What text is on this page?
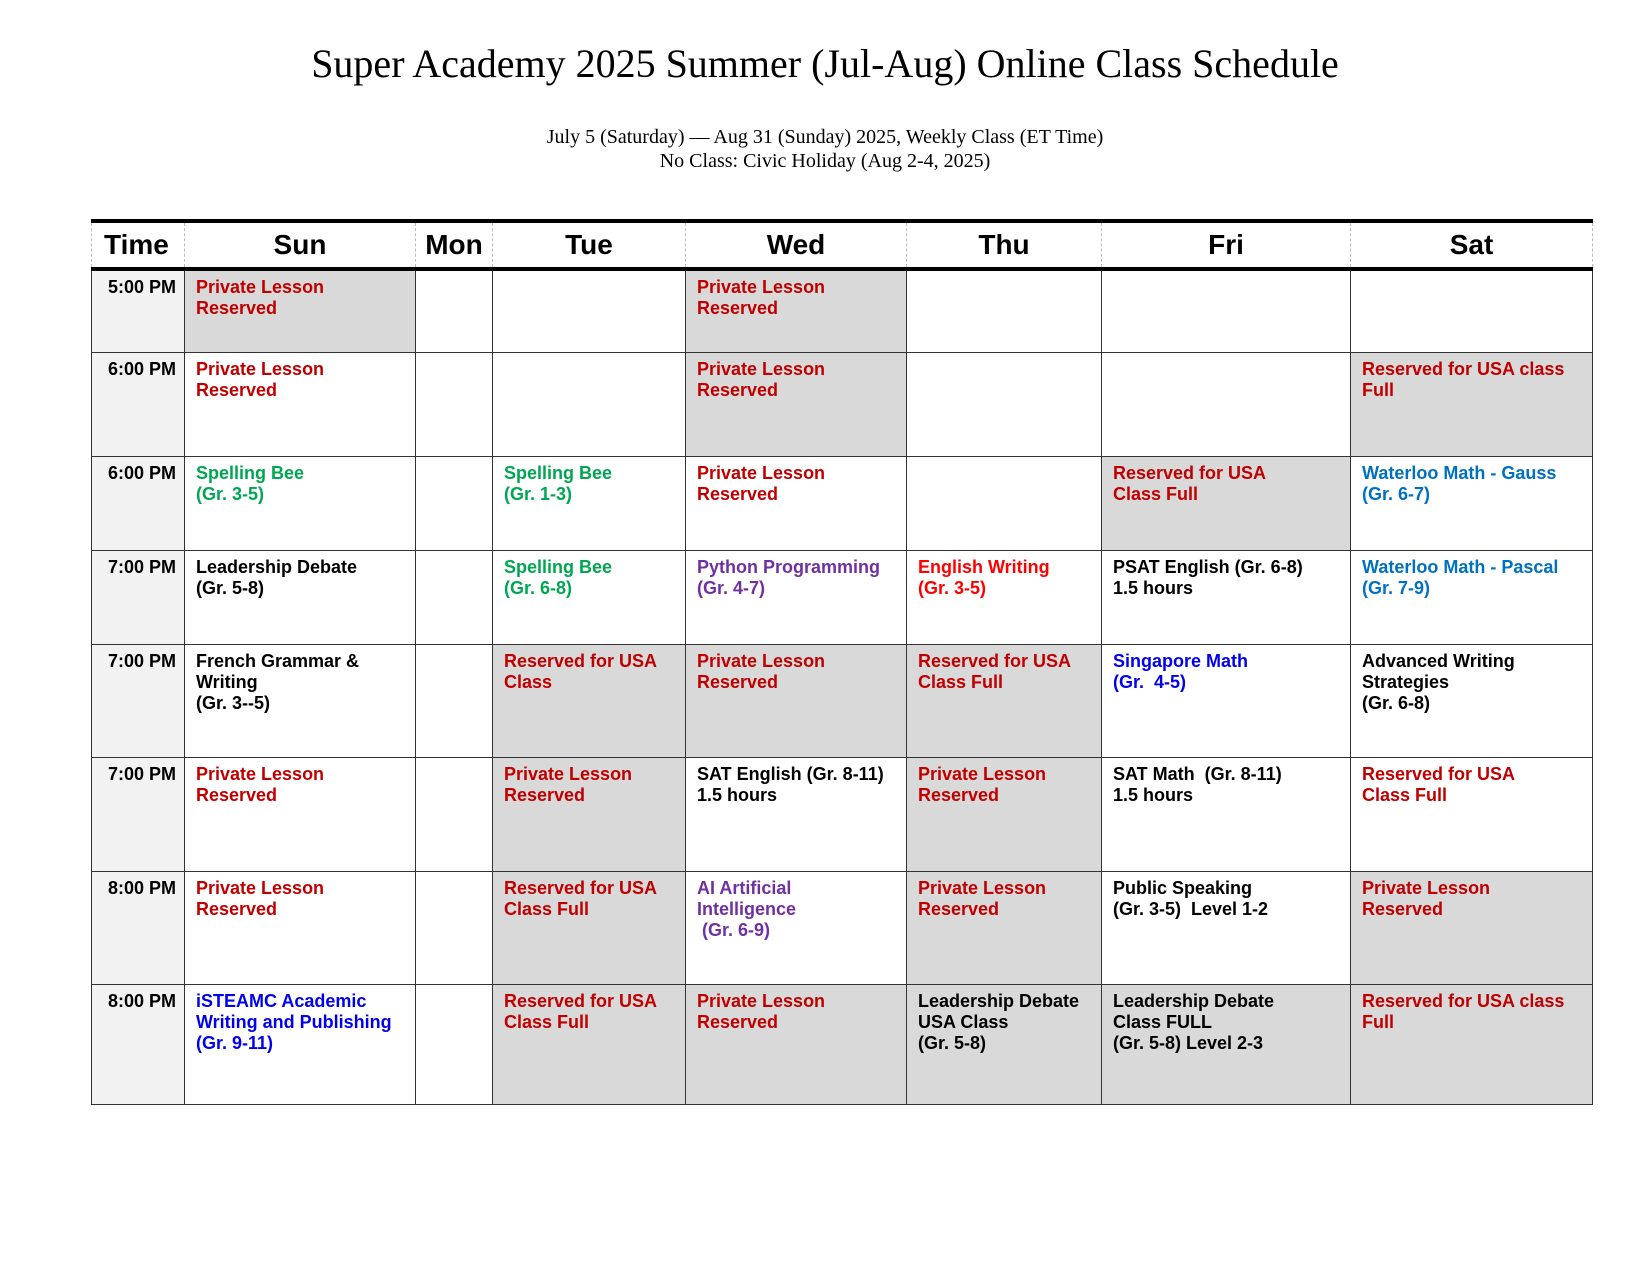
Super Academy 2025 Summer (Jul-Aug) Online Class Schedule
July 5 (Saturday) — Aug 31 (Sunday) 2025, Weekly Class (ET Time)
No Class: Civic Holiday (Aug 2-4, 2025)
Time	Sun	Mon	Tue	Wed	Thu	Fri	Sat
5:00 PM	Private Lesson
Reserved			Private Lesson
Reserved			

6:00 PM	Private Lesson
Reserved			Private Lesson
Reserved			Reserved for USA class
Full

6:00 PM	Spelling Bee
(Gr. 3-5)		Spelling Bee
(Gr. 1-3)	Private Lesson
Reserved		Reserved for USA
Class Full	Waterloo Math - Gauss
(Gr. 6-7)

7:00 PM	Leadership Debate
(Gr. 5-8)		Spelling Bee
(Gr. 6-8)	Python Programming
(Gr. 4-7)	English Writing
(Gr. 3-5)	PSAT English (Gr. 6-8)
1.5 hours	Waterloo Math - Pascal
(Gr. 7-9)

7:00 PM	French Grammar &
Writing
(Gr. 3--5)		Reserved for USA
Class	Private Lesson
Reserved	Reserved for USA
Class Full	Singapore Math
(Gr.  4-5)	Advanced Writing
Strategies
(Gr. 6-8)

7:00 PM	Private Lesson
Reserved		Private Lesson
Reserved	SAT English (Gr. 8-11)
1.5 hours	Private Lesson
Reserved	SAT Math  (Gr. 8-11)
1.5 hours	Reserved for USA
Class Full

8:00 PM	Private Lesson
Reserved		Reserved for USA
Class Full	AI Artificial
Intelligence
(Gr. 6-9)	Private Lesson
Reserved	Public Speaking
(Gr. 3-5)  Level 1-2	Private Lesson
Reserved

8:00 PM	iSTEAMC Academic
Writing and Publishing
(Gr. 9-11)		Reserved for USA
Class Full	Private Lesson
Reserved	Leadership Debate
USA Class
(Gr. 5-8)	Leadership Debate
Class FULL
(Gr. 5-8) Level 2-3	Reserved for USA class
Full
